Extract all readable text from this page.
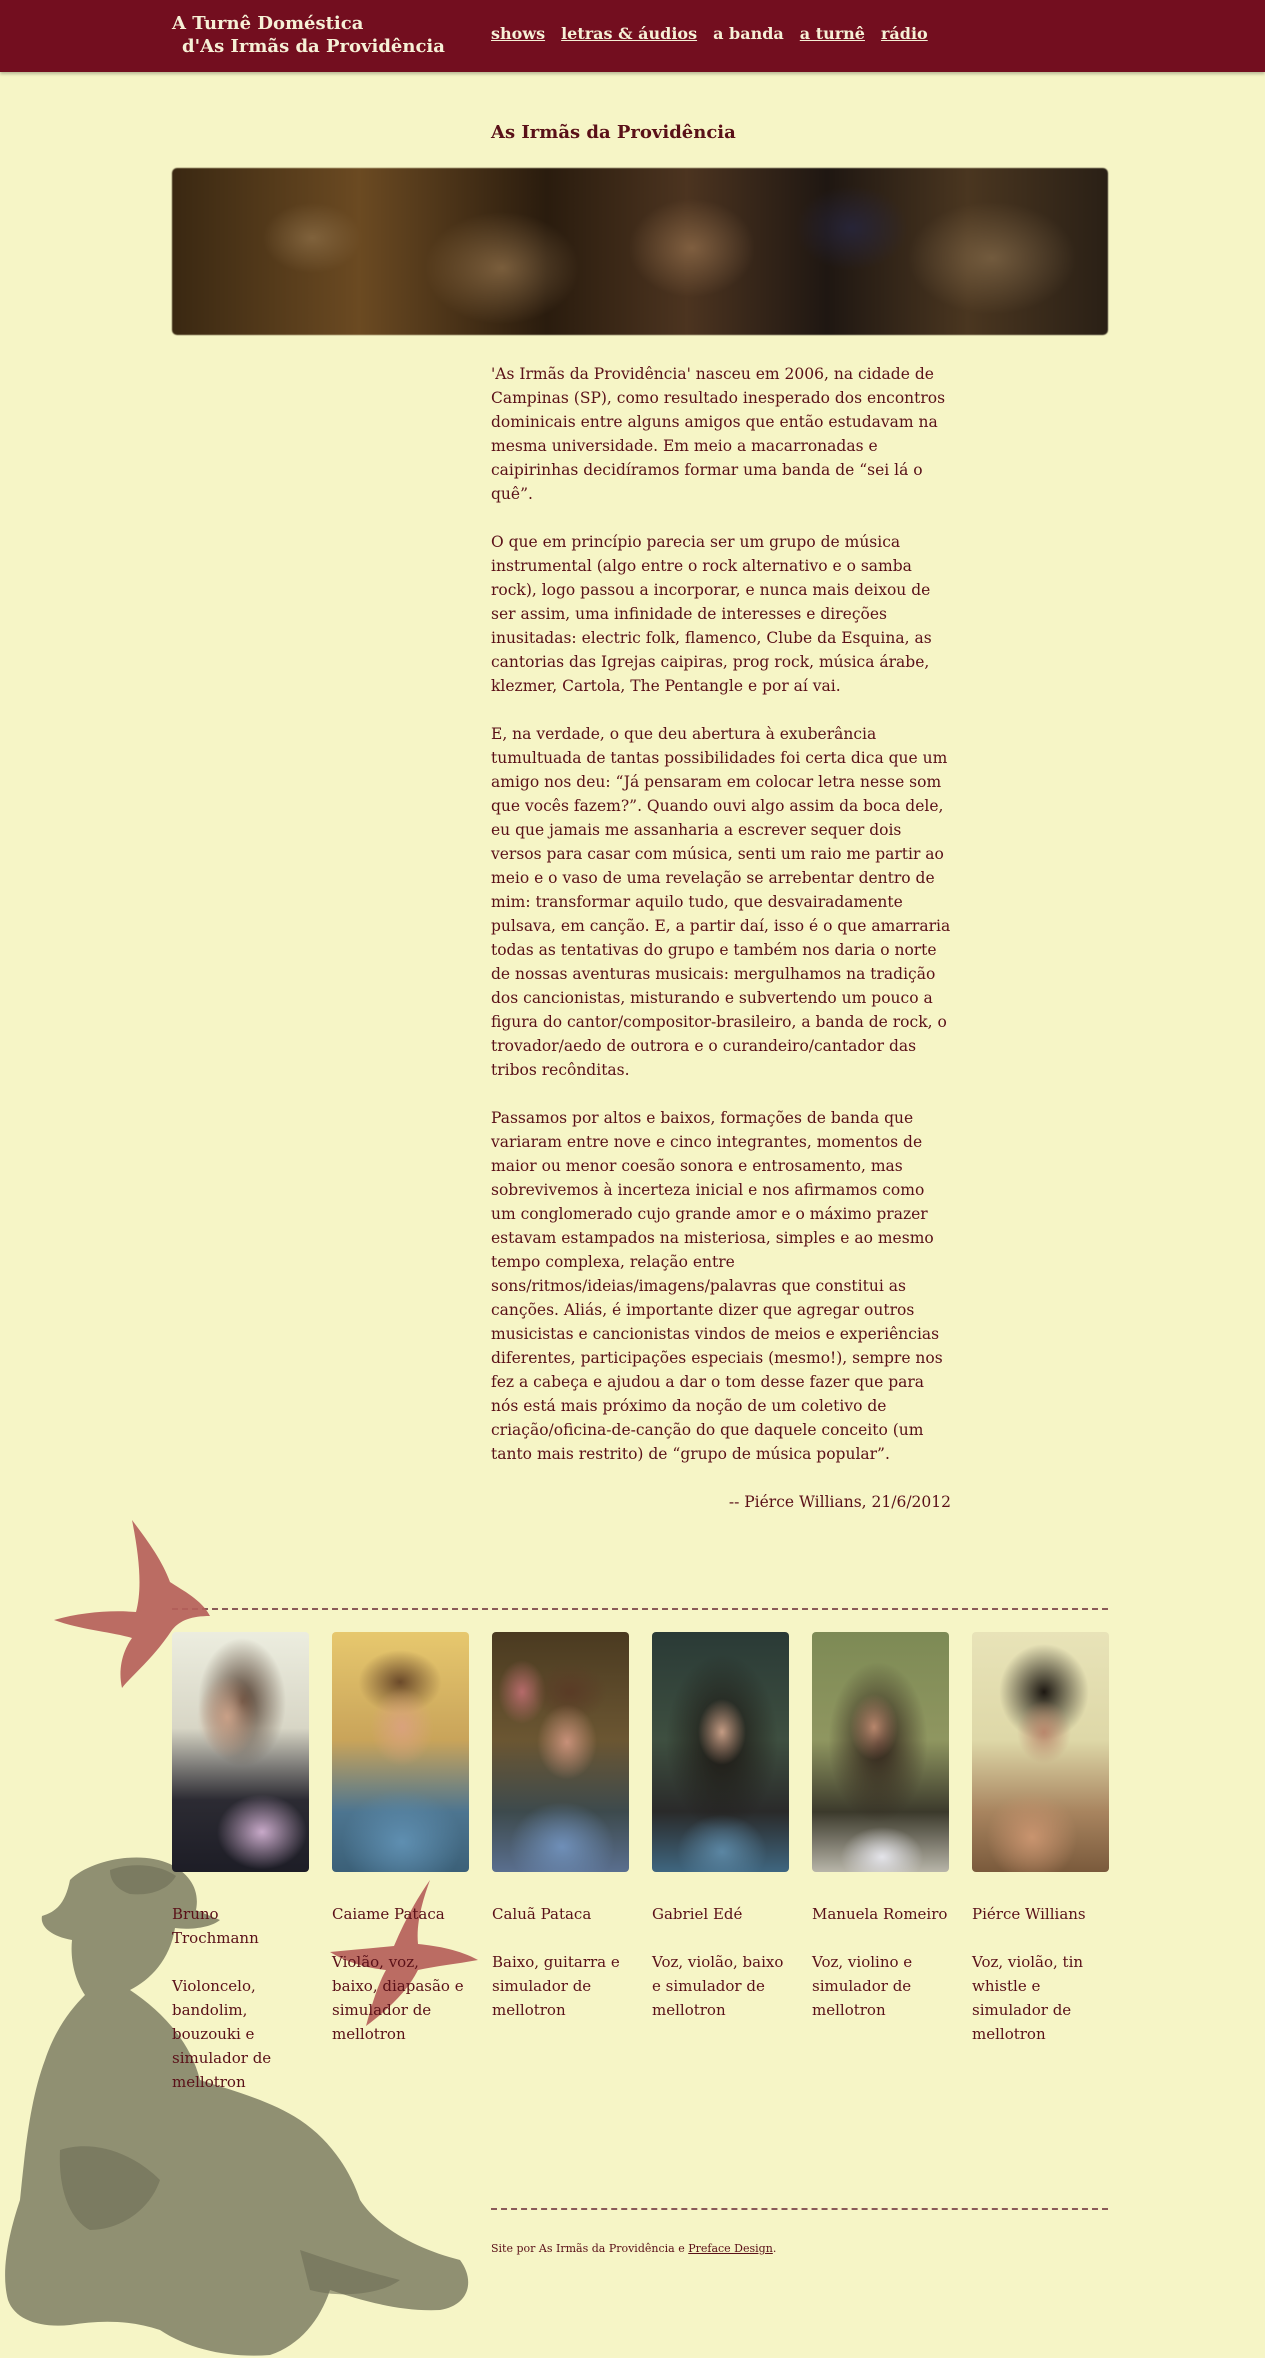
A Turnê Doméstica
d'As Irmãs da Providência
shows letras & áudios a banda a turnê rádio
As Irmãs da Providência

'As Irmãs da Providência' nasceu em 2006, na cidade de Campinas (SP), como resultado inesperado dos encontros dominicais entre alguns amigos que então estudavam na mesma universidade. Em meio a macarronadas e caipirinhas decidíramos formar uma banda de “sei lá o quê”.

O que em princípio parecia ser um grupo de música instrumental (algo entre o rock alternativo e o samba rock), logo passou a incorporar, e nunca mais deixou de ser assim, uma infinidade de interesses e direções inusitadas: electric folk, flamenco, Clube da Esquina, as cantorias das Igrejas caipiras, prog rock, música árabe, klezmer, Cartola, The Pentangle e por aí vai.

E, na verdade, o que deu abertura à exuberância tumultuada de tantas possibilidades foi certa dica que um amigo nos deu: “Já pensaram em colocar letra nesse som que vocês fazem?”. Quando ouvi algo assim da boca dele, eu que jamais me assanharia a escrever sequer dois versos para casar com música, senti um raio me partir ao meio e o vaso de uma revelação se arrebentar dentro de mim: transformar aquilo tudo, que desvairadamente pulsava, em canção. E, a partir daí, isso é o que amarraria todas as tentativas do grupo e também nos daria o norte de nossas aventuras musicais: mergulhamos na tradição dos cancionistas, misturando e subvertendo um pouco a figura do cantor/compositor-brasileiro, a banda de rock, o trovador/aedo de outrora e o curandeiro/cantador das tribos recônditas.

Passamos por altos e baixos, formações de banda que variaram entre nove e cinco integrantes, momentos de maior ou menor coesão sonora e entrosamento, mas sobrevivemos à incerteza inicial e nos afirmamos como um conglomerado cujo grande amor e o máximo prazer estavam estampados na misteriosa, simples e ao mesmo tempo complexa, relação entre sons/ritmos/ideias/imagens/palavras que constitui as canções. Aliás, é importante dizer que agregar outros musicistas e cancionistas vindos de meios e experiências diferentes, participações especiais (mesmo!), sempre nos fez a cabeça e ajudou a dar o tom desse fazer que para nós está mais próximo da noção de um coletivo de criação/oficina-de-canção do que daquele conceito (um tanto mais restrito) de “grupo de música popular”.

-- Piérce Willians, 21/6/2012

Bruno Trochmann
Violoncelo, bandolim, bouzouki e simulador de mellotron
Caiame Pataca
Violão, voz, baixo, diapasão e simulador de mellotron
Caluã Pataca
Baixo, guitarra e simulador de mellotron
Gabriel Edé
Voz, violão, baixo e simulador de mellotron
Manuela Romeiro
Voz, violino e simulador de mellotron
Piérce Willians
Voz, violão, tin whistle e simulador de mellotron
Site por As Irmãs da Providência e Preface Design.
